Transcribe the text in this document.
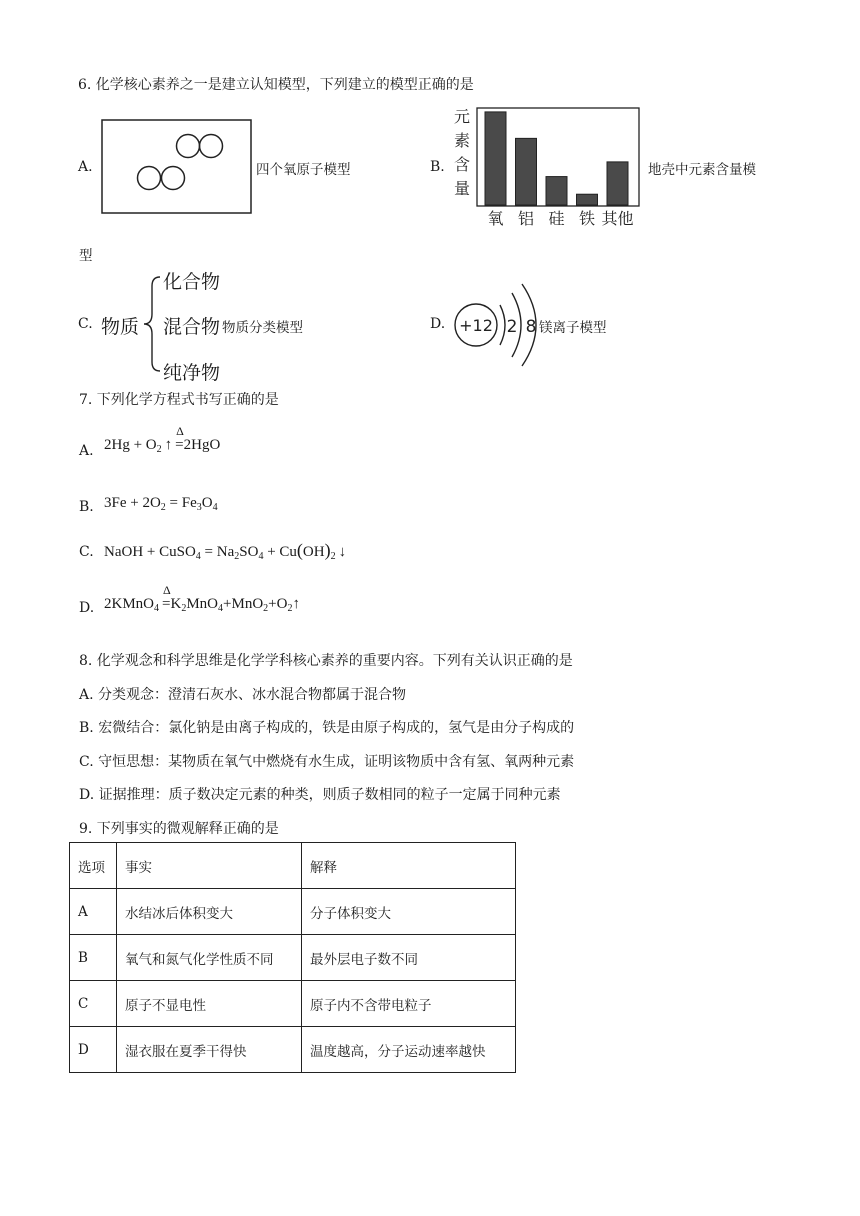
6. 化学核心素养之一是建立认知模型，下列建立的模型正确的是
A.	四个氧原子模型	B.
元
素
含
量
氧 铝 硅 铁 其他
地壳中元素含量模
型
C. 物质
化合物
混合物 物质分类模型
纯净物
D. +12 2 8 镁离子模型
7. 下列化学方程式书写正确的是
A. $2Hg + O_2$ ↑ 
Δ
=2HgO
B. $3Fe + 2O_2 = Fe_3O_4$
C. NaOH + CuSO$_4$ = $Na_2SO_4 + Cu(OH)_2$ ↓
D. 2KMnO$_4$ 
Δ
$=K_2MnO_4+MnO_2+O_2↑$
8. 化学观念和科学思维是化学学科核心素养的重要内容。下列有关认识正确的是
A. 分类观念：澄清石灰水、冰水混合物都属于混合物
B. 宏微结合：氯化钠是由离子构成的，铁是由原子构成的，氢气是由分子构成的
C. 守恒思想：某物质在氧气中燃烧有水生成，证明该物质中含有氢、氧两种元素
D. 证据推理：质子数决定元素的种类，则质子数相同的粒子一定属于同种元素
9. 下列事实的微观解释正确的是
选项	事实	解释
A	水结冰后体积变大	分子体积变大
B	氧气和氮气化学性质不同	最外层电子数不同
C	原子不显电性	原子内不含带电粒子
D	湿衣服在夏季干得快	温度越高，分子运动速率越快
